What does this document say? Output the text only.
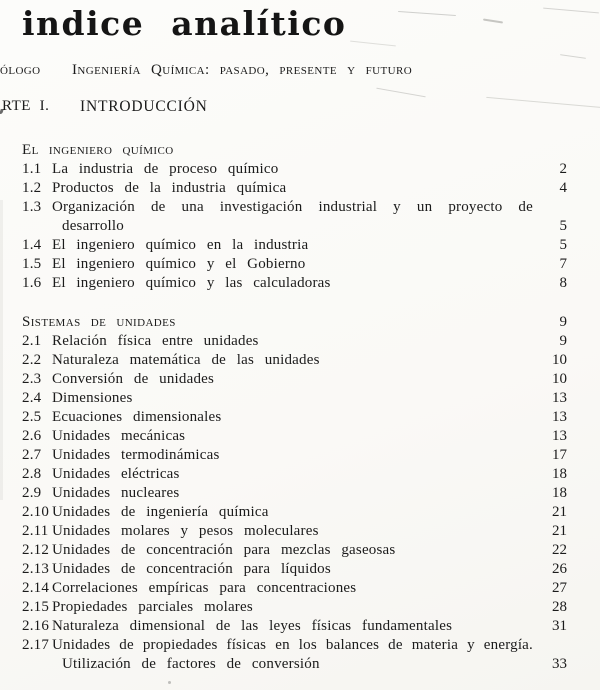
indice analítico
ólogo Ingeniería Química: pasado, presente y futuro
RTE I. INTRODUCCIÓN
El ingeniero químico
1.1 La industria de proceso químico	2
1.2 Productos de la industria química	4
1.3 Organización de una investigación industrial y un proyecto de
desarrollo	5
1.4 El ingeniero químico en la industria	5
1.5 El ingeniero químico y el Gobierno	7
1.6 El ingeniero químico y las calculadoras	8
Sistemas de unidades	9
2.1 Relación física entre unidades	9
2.2 Naturaleza matemática de las unidades	10
2.3 Conversión de unidades	10
2.4 Dimensiones	13
2.5 Ecuaciones dimensionales	13
2.6 Unidades mecánicas	13
2.7 Unidades termodinámicas	17
2.8 Unidades eléctricas	18
2.9 Unidades nucleares	18
2.10 Unidades de ingeniería química	21
2.11 Unidades molares y pesos moleculares	21
2.12 Unidades de concentración para mezclas gaseosas	22
2.13 Unidades de concentración para líquidos	26
2.14 Correlaciones empíricas para concentraciones	27
2.15 Propiedades parciales molares	28
2.16 Naturaleza dimensional de las leyes físicas fundamentales	31
2.17 Unidades de propiedades físicas en los balances de materia y energía.
Utilización de factores de conversión	33
